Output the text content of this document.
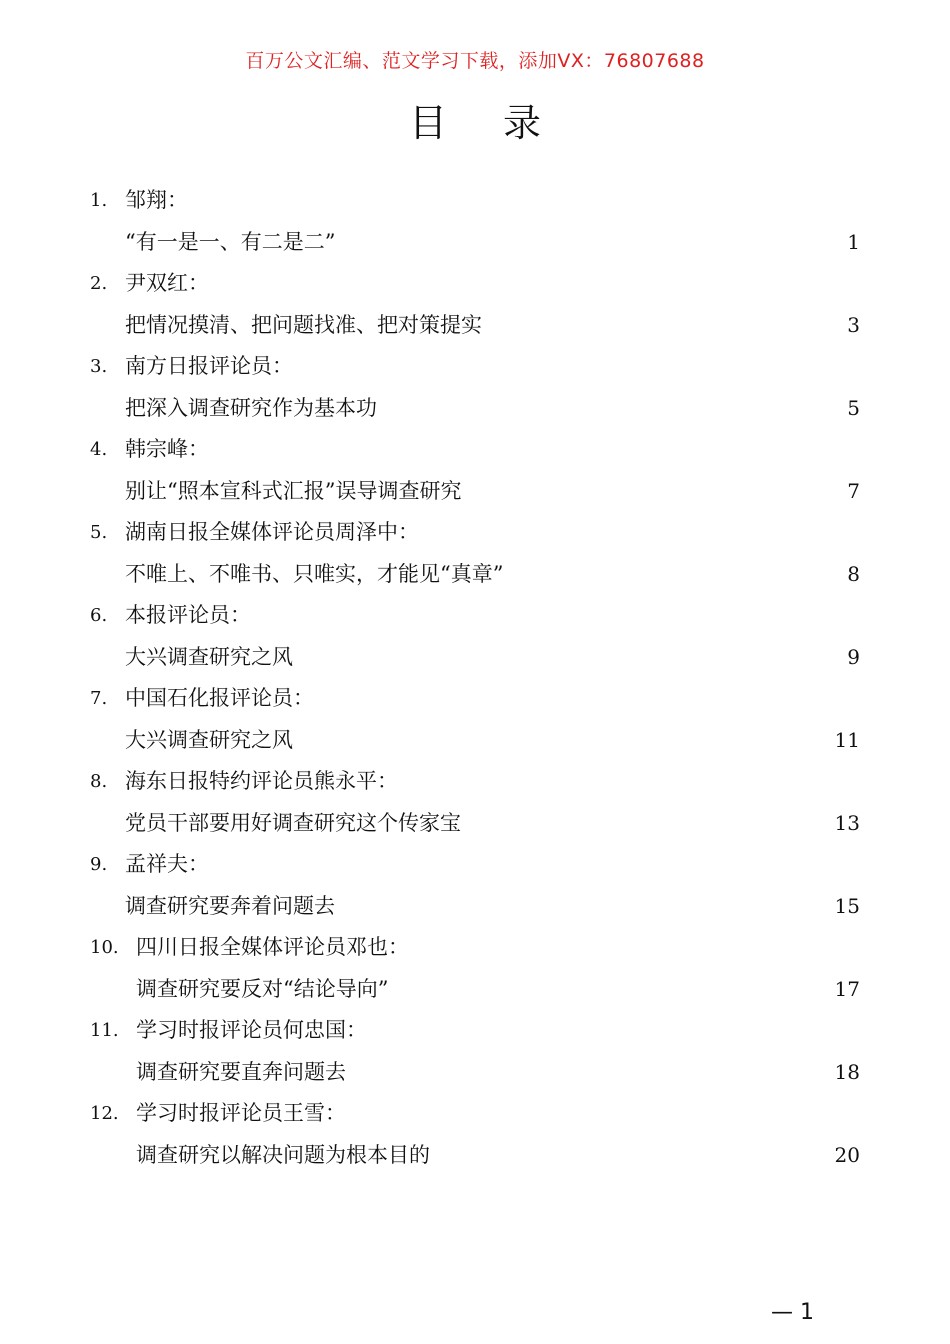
百万公文汇编、范文学习下载，添加VX：76807688
目 录
1. 邹翔：
“有一是一、有二是二”	1
2. 尹双红：
把情况摸清、把问题找准、把对策提实	3
3. 南方日报评论员：
把深入调查研究作为基本功	5
4. 韩宗峰：
别让“照本宣科式汇报”误导调查研究	7
5. 湖南日报全媒体评论员周泽中：
不唯上、不唯书、只唯实，才能见“真章”	8
6. 本报评论员：
大兴调查研究之风	9
7. 中国石化报评论员：
大兴调查研究之风	11
8. 海东日报特约评论员熊永平：
党员干部要用好调查研究这个传家宝	13
9. 孟祥夫：
调查研究要奔着问题去	15
10. 四川日报全媒体评论员邓也：
调查研究要反对“结论导向”	17
11. 学习时报评论员何忠国：
调查研究要直奔问题去	18
12. 学习时报评论员王雪：
调查研究以解决问题为根本目的	20
— 1
